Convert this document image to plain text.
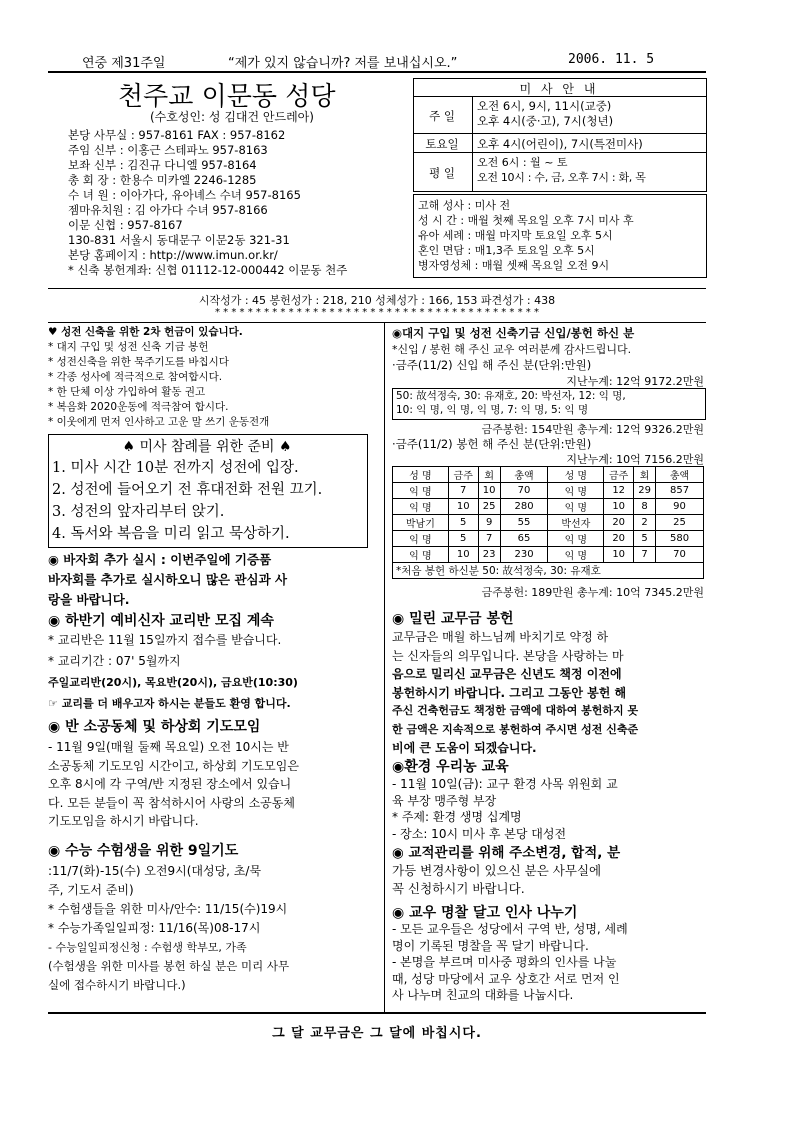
연중 제31주일	“제가 있지 않습니까? 저를 보내십시오.”	2006. 11. 5
천주교 이문동 성당
(수호성인: 성 김대건 안드레아)
본당 사무실 : 957-8161 FAX : 957-8162
주임 신부 : 이홍근 스테파노 957-8163
보좌 신부 : 김진규 다니엘 957-8164
총 회 장 : 한용수 미카엘 2246-1285
수 녀 원 : 이아가다, 유아녜스 수녀 957-8165
젬마유치원 : 김 아가다 수녀 957-8166
이문 신협 : 957-8167
130-831 서울시 동대문구 이문2동 321-31
본당 홈페이지 : http://www.imun.or.kr/
* 신축 봉헌계좌: 신협 01112-12-000442 이문동 천주
미 사 안 내
주 일
오전 6시, 9시, 11시(교중)
오후 4시(중·고), 7시(청년)
토요일	오후 4시(어린이), 7시(특전미사)
평 일
오전 6시 : 월 ~ 토
오전 10시 : 수, 금, 오후 7시 : 화, 목
고해 성사 : 미사 전
성 시 간 : 매월 첫째 목요일 오후 7시 미사 후
유아 세례 : 매월 마지막 토요일 오후 5시
혼인 면담 : 매1,3주 토요일 오후 5시
병자영성체 : 매월 셋째 목요일 오전 9시
시작성가 : 45 봉헌성가 : 218, 210 성체성가 : 166, 153 파견성가 : 438
* * * * * * * * * * * * * * * * * * * * * * * * * * * * * * * * * * * * * * * *
♥ 성전 신축을 위한 2차 헌금이 있습니다.
* 대지 구입 및 성전 신축 기금 봉헌
* 성전신축을 위한 묵주기도를 바칩시다
* 각종 성사에 적극적으로 참여합시다.
* 한 단체 이상 가입하여 활동 권고
* 복음화 2020운동에 적극참여 합시다.
* 이웃에게 먼저 인사하고 고운 말 쓰기 운동전개
♠ 미사 참례를 위한 준비 ♠
1. 미사 시간 10분 전까지 성전에 입장.
2. 성전에 들어오기 전 휴대전화 전원 끄기.
3. 성전의 앞자리부터 앉기.
4. 독서와 복음을 미리 읽고 묵상하기.
◉ 바자회 추가 실시 : 이번주일에 기증품
바자회를 추가로 실시하오니 많은 관심과 사
랑을 바랍니다.
◉ 하반기 예비신자 교리반 모집 계속
* 교리반은 11월 15일까지 접수를 받습니다.
* 교리기간 : 07' 5월까지
주일교리반(20시), 목요반(20시), 금요반(10:30)
☞ 교리를 더 배우고자 하시는 분들도 환영 합니다.
◉ 반 소공동체 및 하상회 기도모임
- 11월 9일(매월 둘째 목요일) 오전 10시는 반
소공동체 기도모임 시간이고, 하상회 기도모임은
오후 8시에 각 구역/반 지정된 장소에서 있습니
다. 모든 분들이 꼭 참석하시어 사랑의 소공동체
기도모임을 하시기 바랍니다.
◉ 수능 수험생을 위한 9일기도
:11/7(화)-15(수) 오전9시(대성당, 초/묵
주, 기도서 준비)
* 수험생들을 위한 미사/안수: 11/15(수)19시
* 수능가족일일피정: 11/16(목)08-17시
- 수능일일피정신청 : 수험생 학부모, 가족
(수험생을 위한 미사를 봉헌 하실 분은 미리 사무
실에 접수하시기 바랍니다.)
◉대지 구입 및 성전 신축기금 신입/봉헌 하신 분
*신입 / 봉헌 해 주신 교우 여러분께 감사드립니다.
·금주(11/2) 신입 해 주신 분(단위:만원)
지난누계: 12억 9172.2만원
50: 故석정숙, 30: 유재호, 20: 박선자, 12: 익 명,
10: 익 명, 익 명, 익 명, 7: 익 명, 5: 익 명
금주봉헌: 154만원 총누계: 12억 9326.2만원
·금주(11/2) 봉헌 해 주신 분(단위:만원)
지난누계: 10억 7156.2만원
성 명	금주	회	총액	성 명	금주	회	총액
익 명	7	10	70	익 명	12	29	857
익 명	10	25	280	익 명	10	8	90
박남기	5	9	55	박선자	20	2	25
익 명	5	7	65	익 명	20	5	580
익 명	10	23	230	익 명	10	7	70
*처음 봉헌 하신분 50: 故석정숙, 30: 유재호							
금주봉헌: 189만원 총누계: 10억 7345.2만원
◉ 밀린 교무금 봉헌
교무금은 매월 하느님께 바치기로 약정 하
는 신자들의 의무입니다. 본당을 사랑하는 마
음으로 밀리신 교무금은 신년도 책정 이전에
봉헌하시기 바랍니다. 그리고 그동안 봉헌 해
주신 건축헌금도 책정한 금액에 대하여 봉헌하지 못
한 금액은 지속적으로 봉헌하여 주시면 성전 신축준
비에 큰 도움이 되겠습니다.
◉환경 우리농 교육
- 11월 10일(금): 교구 환경 사목 위원회 교
육 부장 맹주형 부장
* 주제: 환경 생명 십계명
- 장소: 10시 미사 후 본당 대성전
◉ 교적관리를 위해 주소변경, 합적, 분
가등 변경사항이 있으신 분은 사무실에
꼭 신청하시기 바랍니다.
◉ 교우 명찰 달고 인사 나누기
- 모든 교우들은 성당에서 구역 반, 성명, 세례
명이 기록된 명찰을 꼭 달기 바랍니다.
- 본명을 부르며 미사중 평화의 인사를 나눌
때, 성당 마당에서 교우 상호간 서로 먼저 인
사 나누며 친교의 대화를 나눕시다.
그 달 교무금은 그 달에 바칩시다.
